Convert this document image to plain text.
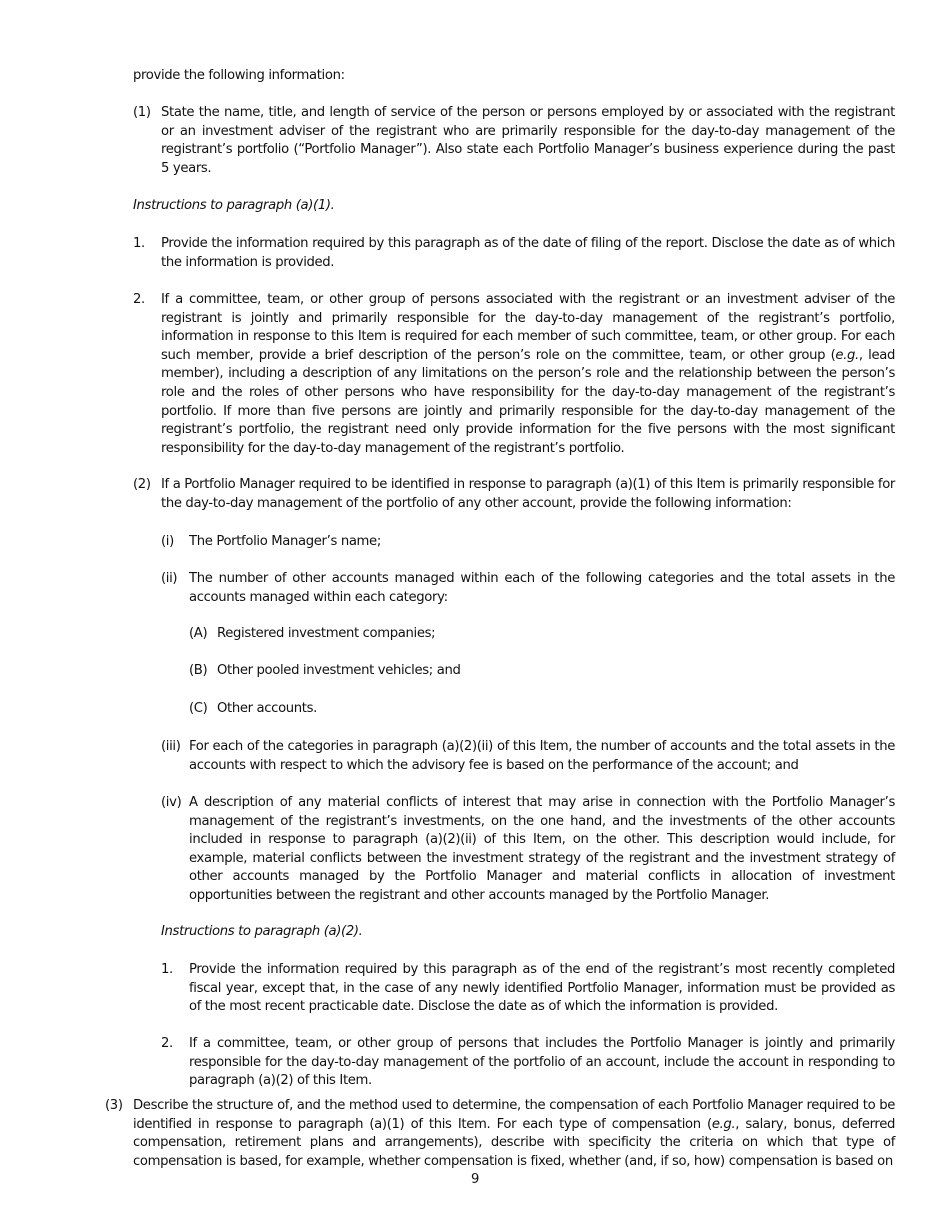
provide the following information:

(1) State the name, title, and length of service of the person or persons employed by or associated with the registrant or an investment adviser of the registrant who are primarily responsible for the day-to-day management of the registrant’s portfolio (“Portfolio Manager”). Also state each Portfolio Manager’s business experience during the past 5 years.

Instructions to paragraph (a)(1).

1. Provide the information required by this paragraph as of the date of filing of the report. Disclose the date as of which the information is provided.

2. If a committee, team, or other group of persons associated with the registrant or an investment adviser of the registrant is jointly and primarily responsible for the day-to-day management of the registrant’s portfolio, information in response to this Item is required for each member of such committee, team, or other group. For each such member, provide a brief description of the person’s role on the committee, team, or other group (e.g., lead member), including a description of any limitations on the person’s role and the relationship between the person’s role and the roles of other persons who have responsibility for the day-to-day management of the registrant’s portfolio. If more than five persons are jointly and primarily responsible for the day-to-day management of the registrant’s portfolio, the registrant need only provide information for the five persons with the most significant responsibility for the day-to-day management of the registrant’s portfolio.

(2) If a Portfolio Manager required to be identified in response to paragraph (a)(1) of this Item is primarily responsible for the day-to-day management of the portfolio of any other account, provide the following information:

(i) The Portfolio Manager’s name;

(ii) The number of other accounts managed within each of the following categories and the total assets in the accounts managed within each category:

(A) Registered investment companies;

(B) Other pooled investment vehicles; and

(C) Other accounts.

(iii) For each of the categories in paragraph (a)(2)(ii) of this Item, the number of accounts and the total assets in the accounts with respect to which the advisory fee is based on the performance of the account; and

(iv) A description of any material conflicts of interest that may arise in connection with the Portfolio Manager’s management of the registrant’s investments, on the one hand, and the investments of the other accounts included in response to paragraph (a)(2)(ii) of this Item, on the other. This description would include, for example, material conflicts between the investment strategy of the registrant and the investment strategy of other accounts managed by the Portfolio Manager and material conflicts in allocation of investment opportunities between the registrant and other accounts managed by the Portfolio Manager.

Instructions to paragraph (a)(2).

1. Provide the information required by this paragraph as of the end of the registrant’s most recently completed fiscal year, except that, in the case of any newly identified Portfolio Manager, information must be provided as of the most recent practicable date. Disclose the date as of which the information is provided.

2. If a committee, team, or other group of persons that includes the Portfolio Manager is jointly and primarily responsible for the day-to-day management of the portfolio of an account, include the account in responding to paragraph (a)(2) of this Item.

(3) Describe the structure of, and the method used to determine, the compensation of each Portfolio Manager required to be identified in response to paragraph (a)(1) of this Item. For each type of compensation (e.g., salary, bonus, deferred compensation, retirement plans and arrangements), describe with specificity the criteria on which that type of compensation is based, for example, whether compensation is fixed, whether (and, if so, how) compensation is based on

9
